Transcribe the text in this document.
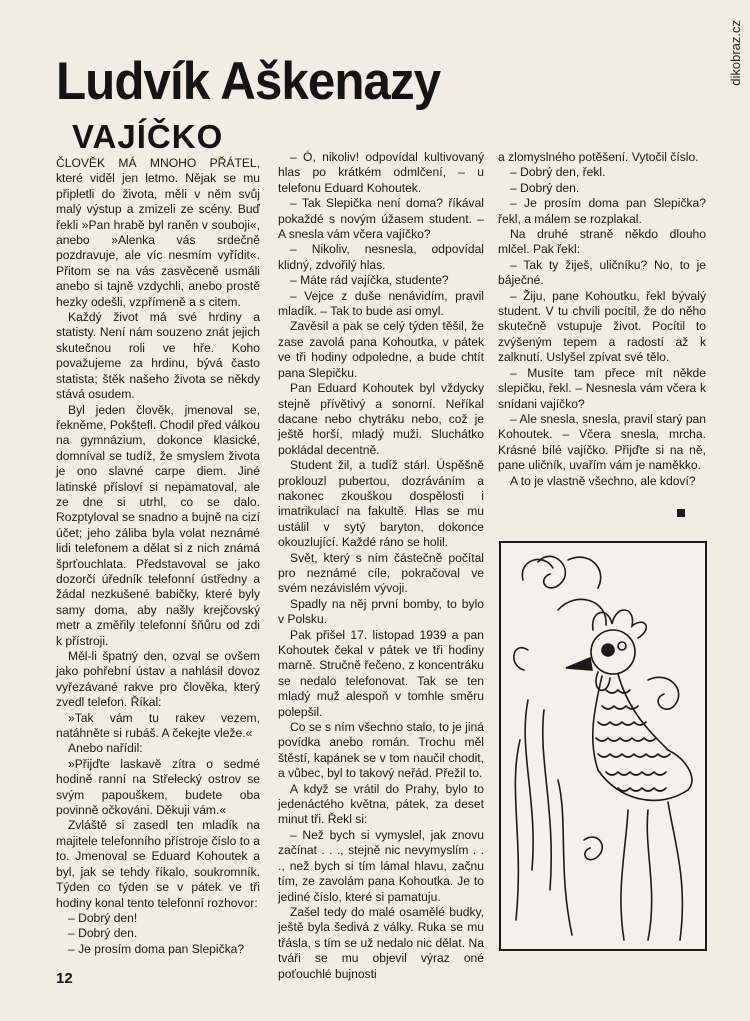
dikobraz.cz
Ludvík Aškenazy
VAJÍČKO

ČLOVĚK MÁ MNOHO PŘÁTEL, které viděl jen letmo. Nějak se mu připletli do života, měli v něm svůj malý výstup a zmizeli ze scény. Buď řekli »Pan hrabě byl raněn v souboji«, anebo »Alenka vás srdečně pozdravuje, ale víc nesmím vyřídit«. Přitom se na vás zasvěceně usmáli anebo si tajně vzdychli, anebo prostě hezky odešli, vzpřímeně a s citem.

Každý život má své hrdiny a statisty. Není nám souzeno znát jejich skutečnou roli ve hře. Koho považujeme za hrdinu, bývá často statista; štěk našeho života se někdy stává osudem.

Byl jeden člověk, jmenoval se, řekněme, Pokštefl. Chodil před válkou na gymnázium, dokonce klasické, domníval se tudíž, že smyslem života je ono slavné carpe diem. Jiné latinské přísloví si nepamatoval, ale ze dne si utrhl, co se dalo. Rozptyloval se snadno a bujně na cizí účet; jeho záliba byla volat neznámé lidi telefonem a dělat si z nich známá šprťouchlata. Představoval se jako dozorčí úředník telefonní ústředny a žádal nezkušené babičky, které byly samy doma, aby našly krejčovský metr a změřily telefonní šňůru od zdi k přístroji.

Měl-li špatný den, ozval se ovšem jako pohřební ústav a nahlásil dovoz vyřezávané rakve pro člověka, který zvedl telefon. Říkal:

»Tak vám tu rakev vezem, natáhněte si rubáš. A čekejte vleže.«

Anebo nařídil:

»Přijďte laskavě zítra o sedmé hodině ranní na Střelecký ostrov se svým papouškem, budete oba povinně očkováni. Děkuji vám.«

Zvláště si zasedl ten mladík na majitele telefonního přístroje číslo to a to. Jmenoval se Eduard Kohoutek a byl, jak se tehdy říkalo, soukromník. Týden co týden se v pátek ve tři hodiny konal tento telefonní rozhovor:

– Dobrý den!

– Dobrý den.

– Je prosím doma pan Slepička?

– Ó, nikoliv! odpovídal kultivovaný hlas po krátkém odmlčení, – u telefonu Eduard Kohoutek.

– Tak Slepička není doma? říkával pokaždé s novým úžasem student. – A snesla vám včera vajíčko?

– Nikoliv, nesnesla, odpovídal klidný, zdvořilý hlas.

– Máte rád vajíčka, studente?

– Vejce z duše nenávidím, pravil mladík. – Tak to bude asi omyl.

Zavěsil a pak se celý týden těšil, že zase zavolá pana Kohoutka, v pátek ve tři hodiny odpoledne, a bude chtít pana Slepičku.

Pan Eduard Kohoutek byl vždycky stejně přívětivý a sonorní. Neříkal dacane nebo chytráku nebo, což je ještě horší, mladý muži. Sluchátko pokládal decentně.

Student žil, a tudíž stárl. Úspěšně proklouzl pubertou, dozráváním a nakonec zkouškou dospělosti i imatrikulací na fakultě. Hlas se mu ustálil v sytý baryton, dokonce okouzlující. Každé ráno se holil.

Svět, který s ním částečně počítal pro neznámé cíle, pokračoval ve svém nezávislém vývoji.

Spadly na něj první bomby, to bylo v Polsku.

Pak přišel 17. listopad 1939 a pan Kohoutek čekal v pátek ve tři hodiny marně. Stručně řečeno, z koncentráku se nedalo telefonovat. Tak se ten mladý muž alespoň v tomhle směru polepšil.

Co se s ním všechno stalo, to je jiná povídka anebo román. Trochu měl štěstí, kapánek se v tom naučil chodit, a vůbec, byl to takový neřád. Přežil to.

A když se vrátil do Prahy, bylo to jedenáctého května, pátek, za deset minut tři. Řekl si:

– Než bych si vymyslel, jak znovu začínat . . ., stejně nic nevymyslím . . ., než bych si tím lámal hlavu, začnu tím, ze zavolám pana Kohoutka. Je to jediné číslo, které si pamatuju.

Zašel tedy do malé osamělé budky, ještě byla šedivá z války. Ruka se mu třásla, s tím se už nedalo nic dělat. Na tváři se mu objevil výraz oné poťouchlé bujnosti

a zlomyslného potěšení. Vytočil číslo.

– Dobrý den, řekl.

– Dobrý den.

– Je prosím doma pan Slepička? řekl, a málem se rozplakal.

Na druhé straně někdo dlouho mlčel. Pak řekl:

– Tak ty žiješ, uličníku? No, to je báječné.

– Žiju, pane Kohoutku, řekl bývalý student. V tu chvíli pocítil, že do něho skutečně vstupuje život. Pocítil to zvýšeným tepem a radostí až k zalknutí. Uslyšel zpívat své tělo.

– Musíte tam přece mít někde slepičku, řekl. – Nesnesla vám včera k snídani vajíčko?

– Ale snesla, snesla, pravil starý pan Kohoutek. – Včera snesla, mrcha. Krásné bílé vajíčko. Přijďte si na ně, pane uličník, uvařím vám je naměkko.

A to je vlastně všechno, ale kdoví?

12
